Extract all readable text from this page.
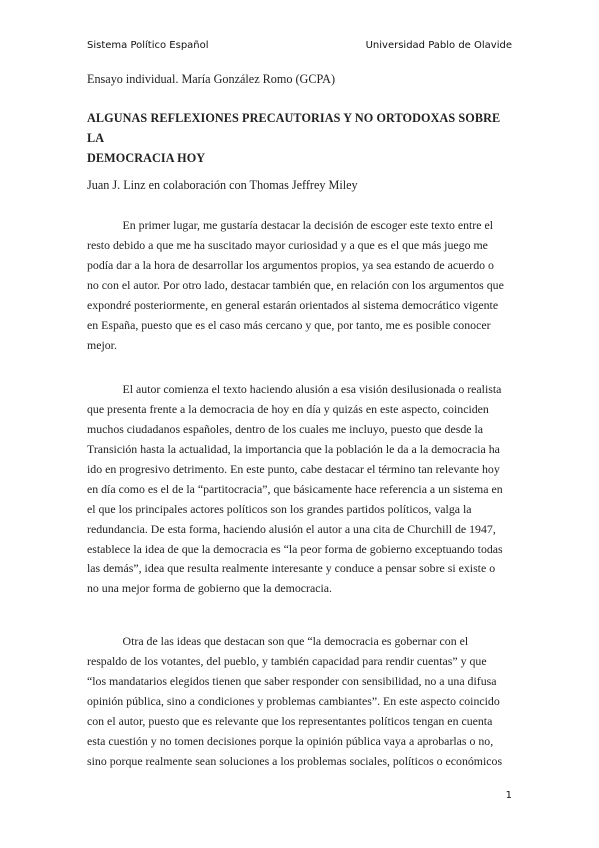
Sistema Político Español	Universidad Pablo de Olavide
Ensayo individual. María González Romo (GCPA)
ALGUNAS REFLEXIONES PRECAUTORIAS Y NO ORTODOXAS SOBRE LA
DEMOCRACIA HOY
Juan J. Linz en colaboración con Thomas Jeffrey Miley
En primer lugar, me gustaría destacar la decisión de escoger este texto entre el
resto debido a que me ha suscitado mayor curiosidad y a que es el que más juego me
podía dar a la hora de desarrollar los argumentos propios, ya sea estando de acuerdo o
no con el autor. Por otro lado, destacar también que, en relación con los argumentos que
expondré posteriormente, en general estarán orientados al sistema democrático vigente
en España, puesto que es el caso más cercano y que, por tanto, me es posible conocer
mejor.
El autor comienza el texto haciendo alusión a esa visión desilusionada o realista
que presenta frente a la democracia de hoy en día y quizás en este aspecto, coinciden
muchos ciudadanos españoles, dentro de los cuales me incluyo, puesto que desde la
Transición hasta la actualidad, la importancia que la población le da a la democracia ha
ido en progresivo detrimento. En este punto, cabe destacar el término tan relevante hoy
en día como es el de la “partitocracia”, que básicamente hace referencia a un sistema en
el que los principales actores políticos son los grandes partidos políticos, valga la
redundancia. De esta forma, haciendo alusión el autor a una cita de Churchill de 1947,
establece la idea de que la democracia es “la peor forma de gobierno exceptuando todas
las demás”, idea que resulta realmente interesante y conduce a pensar sobre si existe o
no una mejor forma de gobierno que la democracia.
Otra de las ideas que destacan son que “la democracia es gobernar con el
respaldo de los votantes, del pueblo, y también capacidad para rendir cuentas” y que
“los mandatarios elegidos tienen que saber responder con sensibilidad, no a una difusa
opinión pública, sino a condiciones y problemas cambiantes”. En este aspecto coincido
con el autor, puesto que es relevante que los representantes políticos tengan en cuenta
esta cuestión y no tomen decisiones porque la opinión pública vaya a aprobarlas o no,
sino porque realmente sean soluciones a los problemas sociales, políticos o económicos
1
